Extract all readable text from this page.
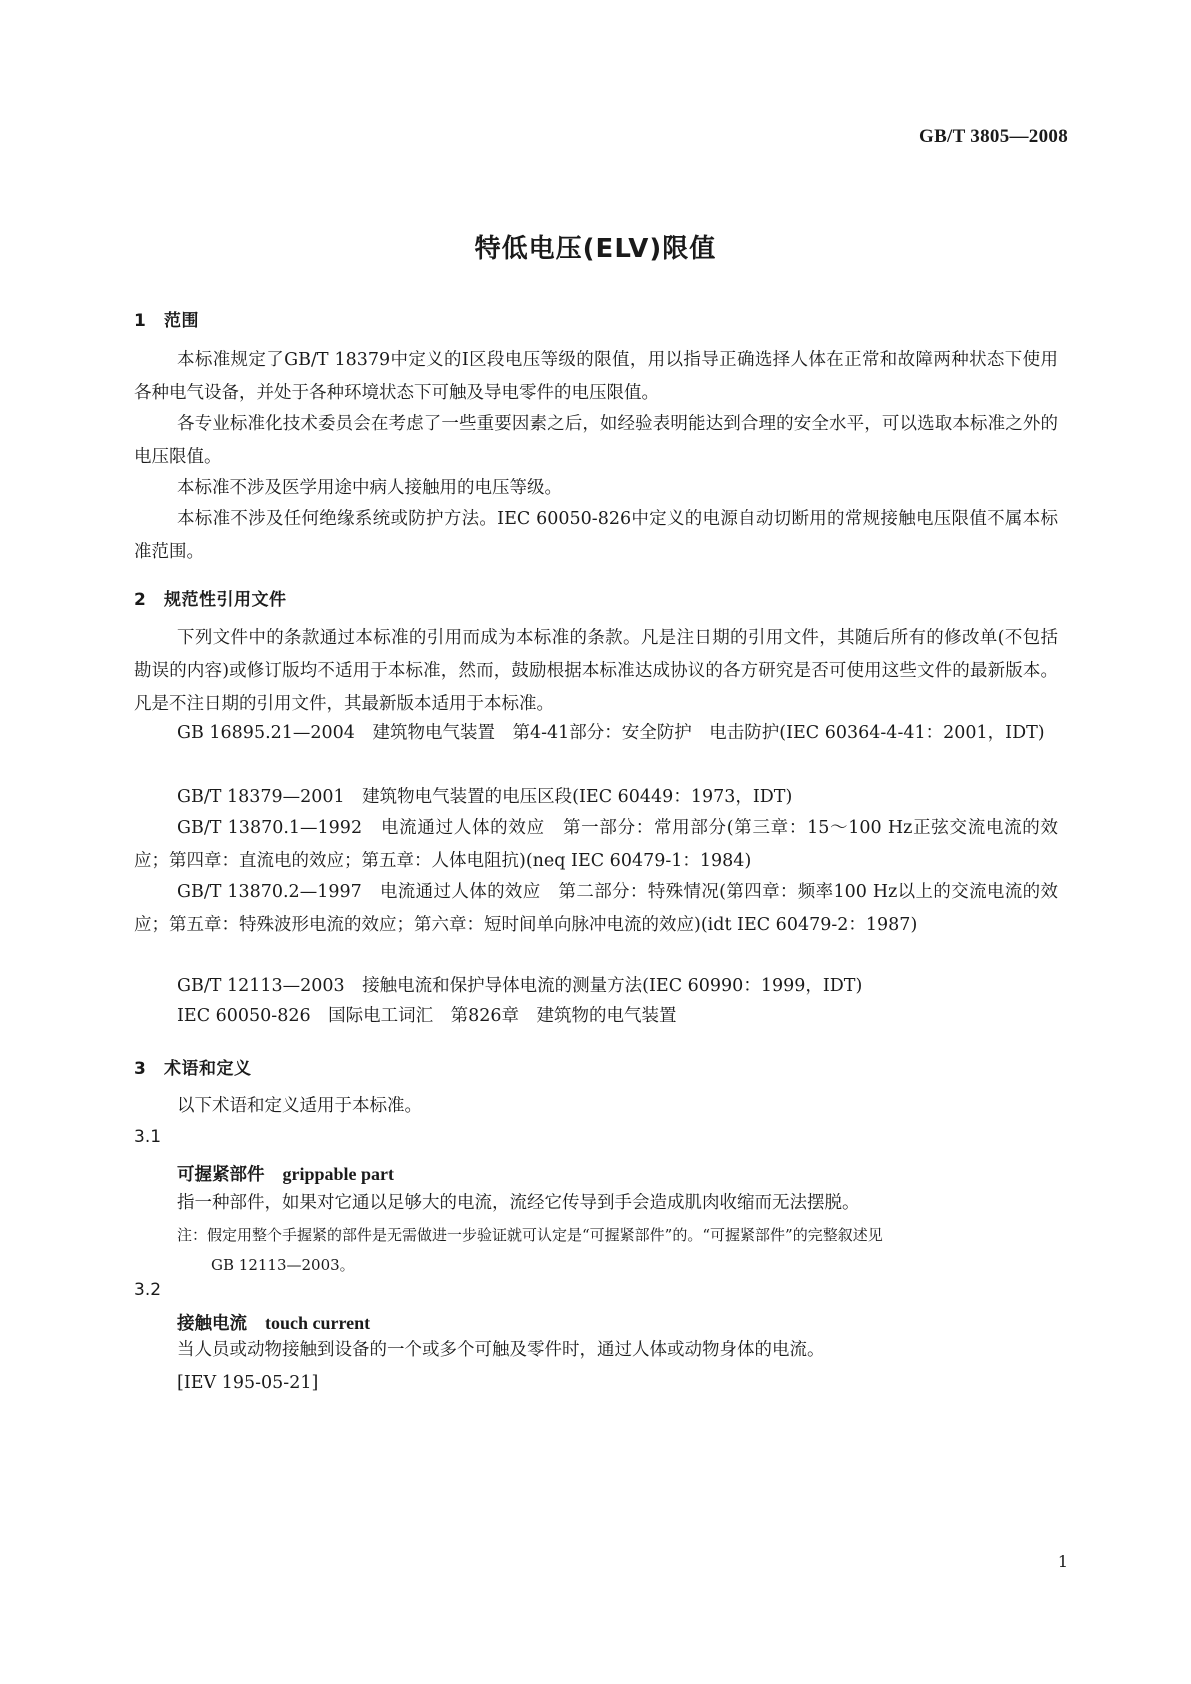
GB/T 3805—2008
特低电压(ELV)限值
1 范围

本标准规定了GB/T 18379中定义的Ⅰ区段电压等级的限值，用以指导正确选择人体在正常和故障两种状态下使用各种电气设备，并处于各种环境状态下可触及导电零件的电压限值。

各专业标准化技术委员会在考虑了一些重要因素之后，如经验表明能达到合理的安全水平，可以选取本标准之外的电压限值。

本标准不涉及医学用途中病人接触用的电压等级。

本标准不涉及任何绝缘系统或防护方法。IEC 60050-826中定义的电源自动切断用的常规接触电压限值不属本标准范围。

2 规范性引用文件

下列文件中的条款通过本标准的引用而成为本标准的条款。凡是注日期的引用文件，其随后所有的修改单(不包括勘误的内容)或修订版均不适用于本标准，然而，鼓励根据本标准达成协议的各方研究是否可使用这些文件的最新版本。凡是不注日期的引用文件，其最新版本适用于本标准。

GB 16895.21—2004　建筑物电气装置　第4-41部分：安全防护　电击防护(IEC 60364-4-41：2001，IDT)

GB/T 18379—2001　建筑物电气装置的电压区段(IEC 60449：1973，IDT)

GB/T 13870.1—1992　电流通过人体的效应　第一部分：常用部分(第三章：15～100 Hz正弦交流电流的效应；第四章：直流电的效应；第五章：人体电阻抗)(neq IEC 60479-1：1984)

GB/T 13870.2—1997　电流通过人体的效应　第二部分：特殊情况(第四章：频率100 Hz以上的交流电流的效应；第五章：特殊波形电流的效应；第六章：短时间单向脉冲电流的效应)(idt IEC 60479-2：1987)

GB/T 12113—2003　接触电流和保护导体电流的测量方法(IEC 60990：1999，IDT)

IEC 60050-826　国际电工词汇　第826章　建筑物的电气装置

3 术语和定义
以下术语和定义适用于本标准。
3.1
可握紧部件 grippable part
指一种部件，如果对它通以足够大的电流，流经它传导到手会造成肌肉收缩而无法摆脱。

注：假定用整个手握紧的部件是无需做进一步验证就可认定是“可握紧部件”的。“可握紧部件”的完整叙述见
GB 12113—2003。

3.2
接触电流 touch current
当人员或动物接触到设备的一个或多个可触及零件时，通过人体或动物身体的电流。
[IEV 195-05-21]
1
